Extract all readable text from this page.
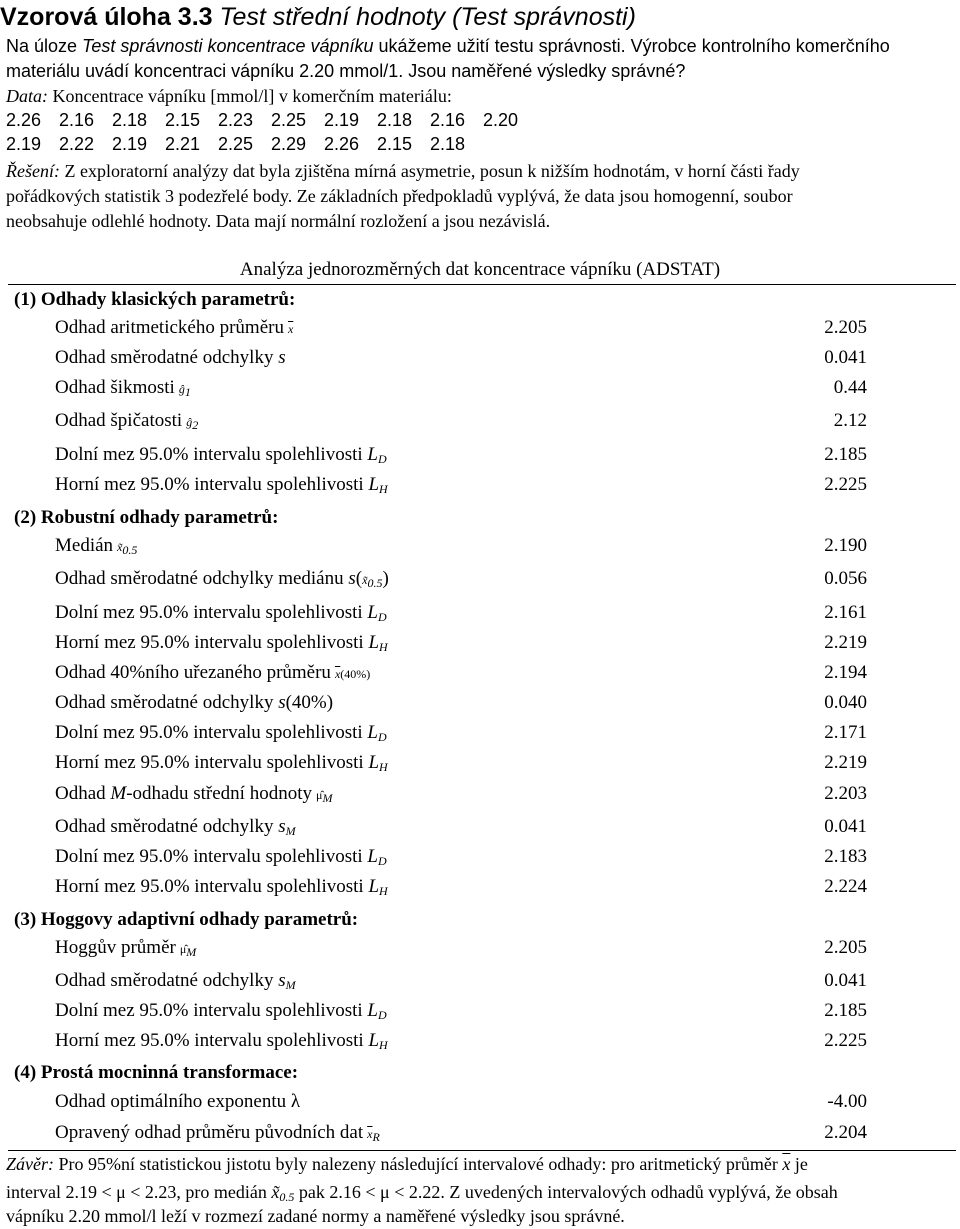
Vzorová úloha 3.3 Test střední hodnoty (Test správnosti)
Na úloze Test správnosti koncentrace vápníku ukážeme užití testu správnosti. Výrobce kontrolního komerčního
materiálu uvádí koncentraci vápníku 2.20 mmol/1. Jsou naměřené výsledky správné?
Data: Koncentrace vápníku [mmol/l] v komerčním materiálu:
2.26 2.16 2.18 2.15 2.23 2.25 2.19 2.18 2.16 2.20
2.19 2.22 2.19 2.21 2.25 2.29 2.26 2.15 2.18
Řešení: Z exploratorní analýzy dat byla zjištěna mírná asymetrie, posun k nižším hodnotám, v horní části řady
pořádkových statistik 3 podezřelé body. Ze základních předpokladů vyplývá, že data jsou homogenní, soubor
neobsahuje odlehlé hodnoty. Data mají normální rozložení a jsou nezávislá.
Analýza jednorozměrných dat koncentrace vápníku (ADSTAT)
(1) Odhady klasických parametrů:
Odhad aritmetického průměru $\overline{x}$	2.205
Odhad směrodatné odchylky s	0.041
Odhad šikmosti $ĝ_1$	0.44
Odhad špičatosti $ĝ_2$	2.12
Dolní mez 95.0% intervalu spolehlivosti $L_D$	2.185
Horní mez 95.0% intervalu spolehlivosti $L_H$	2.225
(2) Robustní odhady parametrů:
Medián $x̃_{0.5}$	2.190
Odhad směrodatné odchylky mediánu $s(x̃_{0.5})$	0.056
Dolní mez 95.0% intervalu spolehlivosti $L_D$	2.161
Horní mez 95.0% intervalu spolehlivosti $L_H$	2.219
Odhad 40%ního uřezaného průměru $\overline{x}(40\%)$	2.194
Odhad směrodatné odchylky s(40%)	0.040
Dolní mez 95.0% intervalu spolehlivosti $L_D$	2.171
Horní mez 95.0% intervalu spolehlivosti $L_H$	2.219
Odhad M-odhadu střední hodnoty $\mû_M$	2.203
Odhad směrodatné odchylky $s_M$	0.041
Dolní mez 95.0% intervalu spolehlivosti $L_D$	2.183
Horní mez 95.0% intervalu spolehlivosti $L_H$	2.224
(3) Hoggovy adaptivní odhady parametrů:
Hoggův průměr $\mû_M$	2.205
Odhad směrodatné odchylky $s_M$	0.041
Dolní mez 95.0% intervalu spolehlivosti $L_D$	2.185
Horní mez 95.0% intervalu spolehlivosti $L_H$	2.225
(4) Prostá mocninná transformace:
Odhad optimálního exponentu λ	-4.00
Opravený odhad průměru původních dat $\overline{x}_R$	2.204
Závěr: Pro 95%ní statistickou jistotu byly nalezeny následující intervalové odhady: pro aritmetický průměr $\overline{x}$ je
interval 2.19 < μ < 2.23, pro medián $x̃_{0.5}$ pak 2.16 < μ < 2.22. Z uvedených intervalových odhadů vyplývá, že obsah
vápníku 2.20 mmol/l leží v rozmezí zadané normy a naměřené výsledky jsou správné.
